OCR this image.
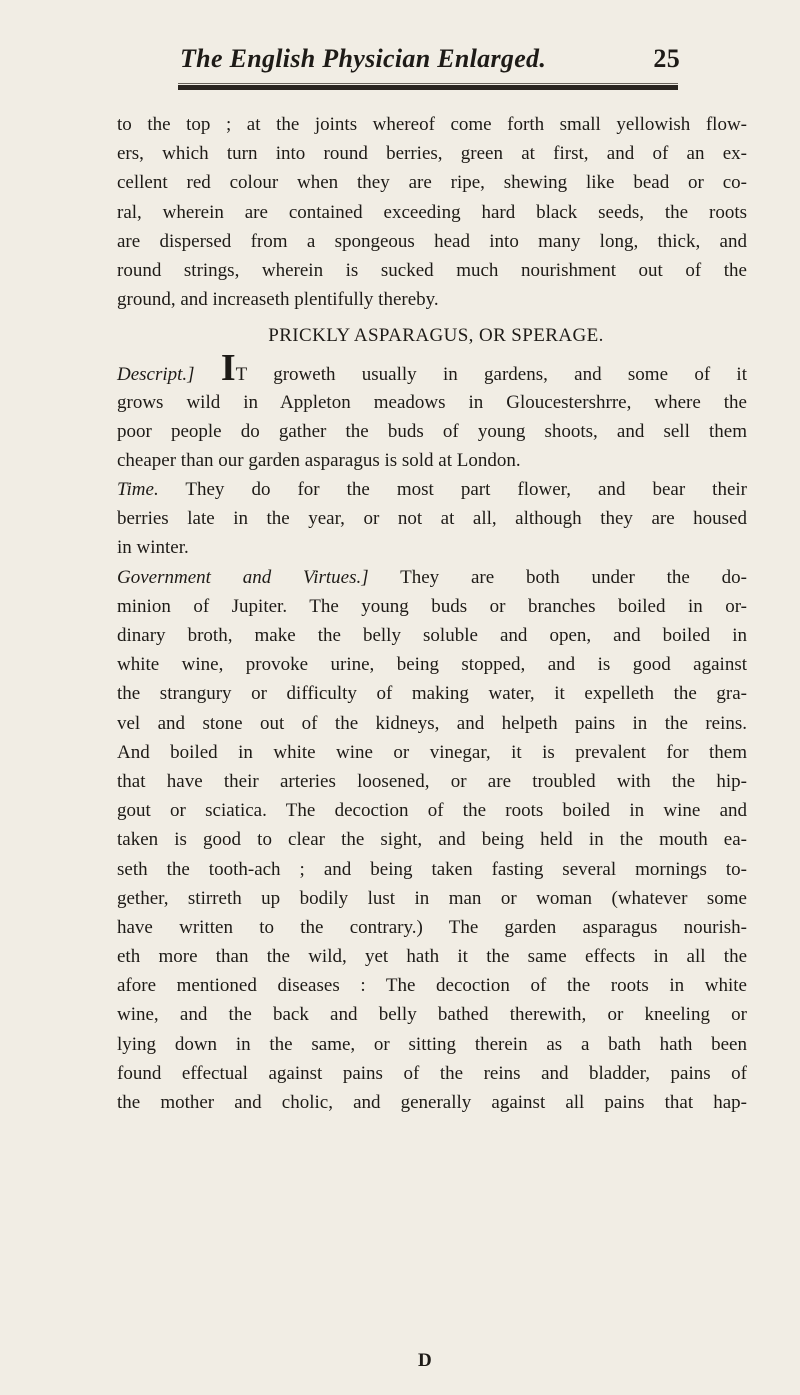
The English Physician Enlarged.	25
to the top ; at the joints whereof come forth small yellowish flow-
ers, which turn into round berries, green at first, and of an ex-
cellent red colour when they are ripe, shewing like bead or co-
ral, wherein are contained exceeding hard black seeds, the roots
are dispersed from a spongeous head into many long, thick, and
round strings, wherein is sucked much nourishment out of the
ground, and increaseth plentifully thereby.
PRICKLY ASPARAGUS, OR SPERAGE.
Descript.] IT groweth usually in gardens, and some of it
grows wild in Appleton meadows in Gloucestershrre, where the
poor people do gather the buds of young shoots, and sell them
cheaper than our garden asparagus is sold at London.
Time. They do for the most part flower, and bear their
berries late in the year, or not at all, although they are housed
in winter.
Government and Virtues.] They are both under the do-
minion of Jupiter. The young buds or branches boiled in or-
dinary broth, make the belly soluble and open, and boiled in
white wine, provoke urine, being stopped, and is good against
the strangury or difficulty of making water, it expelleth the gra-
vel and stone out of the kidneys, and helpeth pains in the reins.
And boiled in white wine or vinegar, it is prevalent for them
that have their arteries loosened, or are troubled with the hip-
gout or sciatica. The decoction of the roots boiled in wine and
taken is good to clear the sight, and being held in the mouth ea-
seth the tooth-ach ; and being taken fasting several mornings to-
gether, stirreth up bodily lust in man or woman (whatever some
have written to the contrary.) The garden asparagus nourish-
eth more than the wild, yet hath it the same effects in all the
afore mentioned diseases : The decoction of the roots in white
wine, and the back and belly bathed therewith, or kneeling or
lying down in the same, or sitting therein as a bath hath been
found effectual against pains of the reins and bladder, pains of
the mother and cholic, and generally against all pains that hap-
D
